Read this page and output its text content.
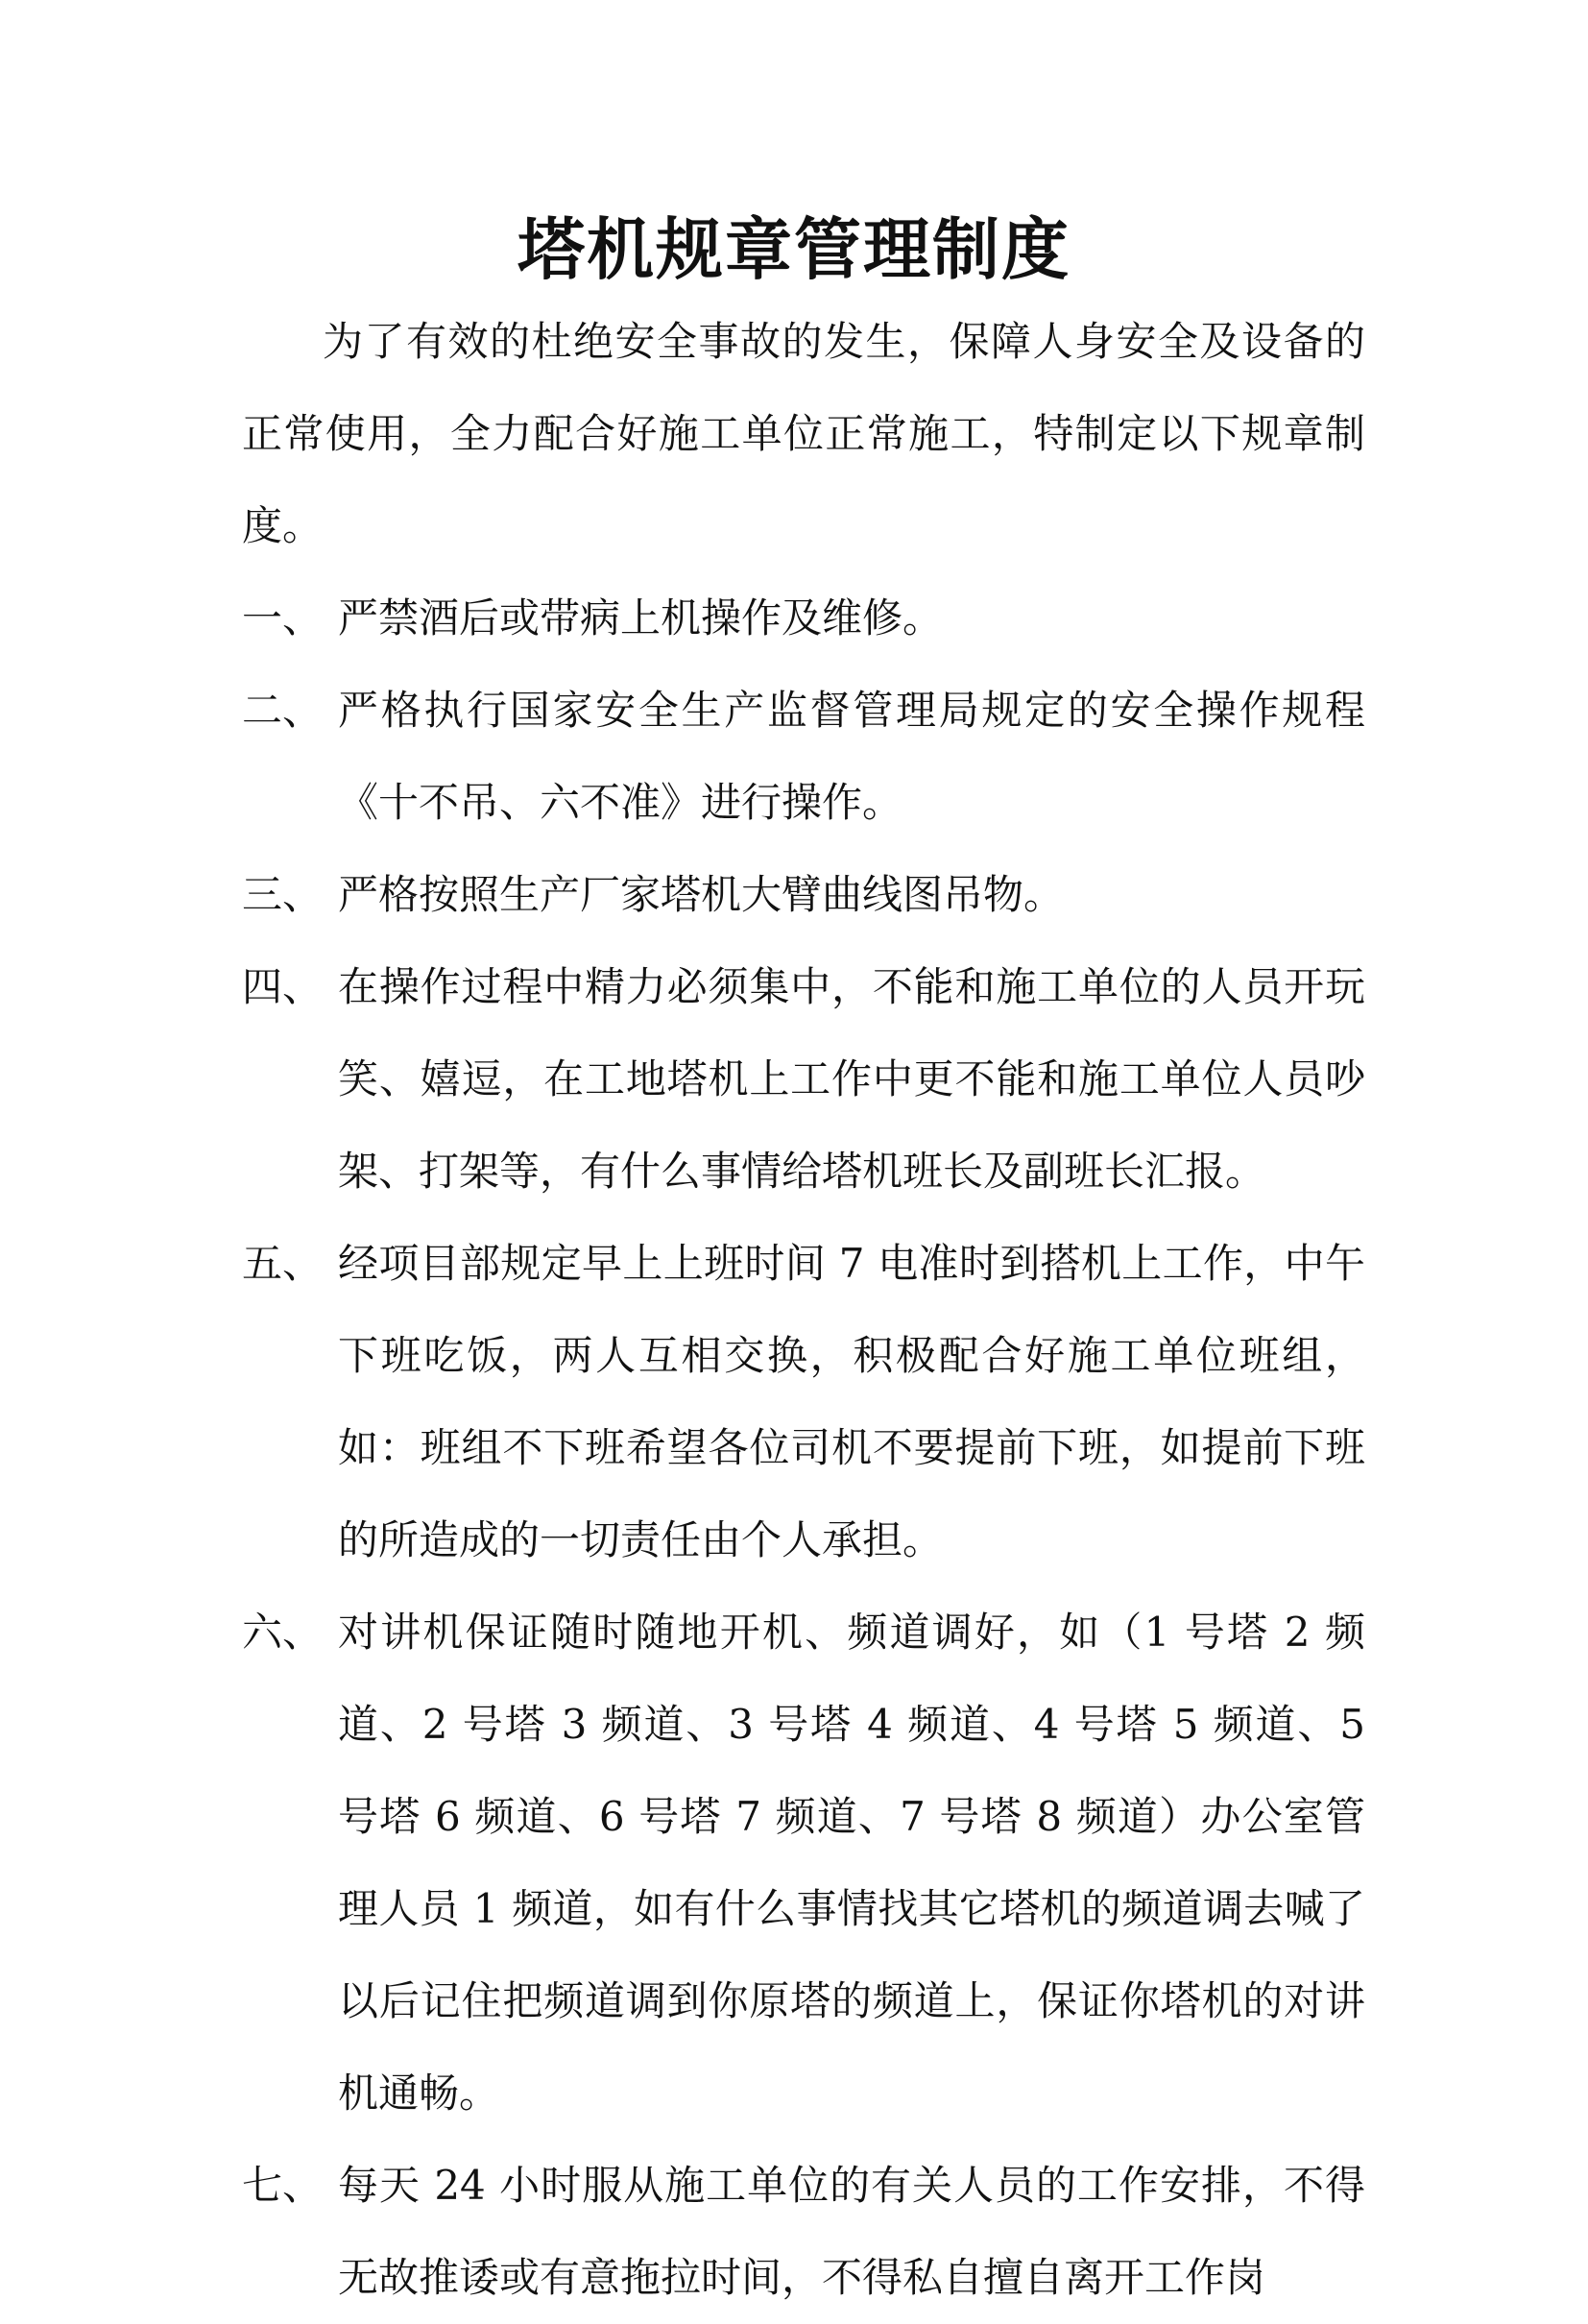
塔机规章管理制度

为了有效的杜绝安全事故的发生，保障人身安全及设备的正常使用，全力配合好施工单位正常施工，特制定以下规章制度。

一、 严禁酒后或带病上机操作及维修。
二、 严格执行国家安全生产监督管理局规定的安全操作规程《十不吊、六不准》进行操作。
三、 严格按照生产厂家塔机大臂曲线图吊物。
四、 在操作过程中精力必须集中，不能和施工单位的人员开玩笑、嬉逗，在工地塔机上工作中更不能和施工单位人员吵架、打架等，有什么事情给塔机班长及副班长汇报。
五、 经项目部规定早上上班时间 7 电准时到搭机上工作，中午下班吃饭，两人互相交换，积极配合好施工单位班组，如：班组不下班希望各位司机不要提前下班，如提前下班的所造成的一切责任由个人承担。
六、 对讲机保证随时随地开机、频道调好，如（1 号塔 2 频道、2 号塔 3 频道、3 号塔 4 频道、4 号塔 5 频道、5 号塔 6 频道、6 号塔 7 频道、7 号塔 8 频道）办公室管理人员 1 频道，如有什么事情找其它塔机的频道调去喊了以后记住把频道调到你原塔的频道上，保证你塔机的对讲机通畅。
七、 每天 24 小时服从施工单位的有关人员的工作安排，不得无故推诿或有意拖拉时间，不得私自擅自离开工作岗
